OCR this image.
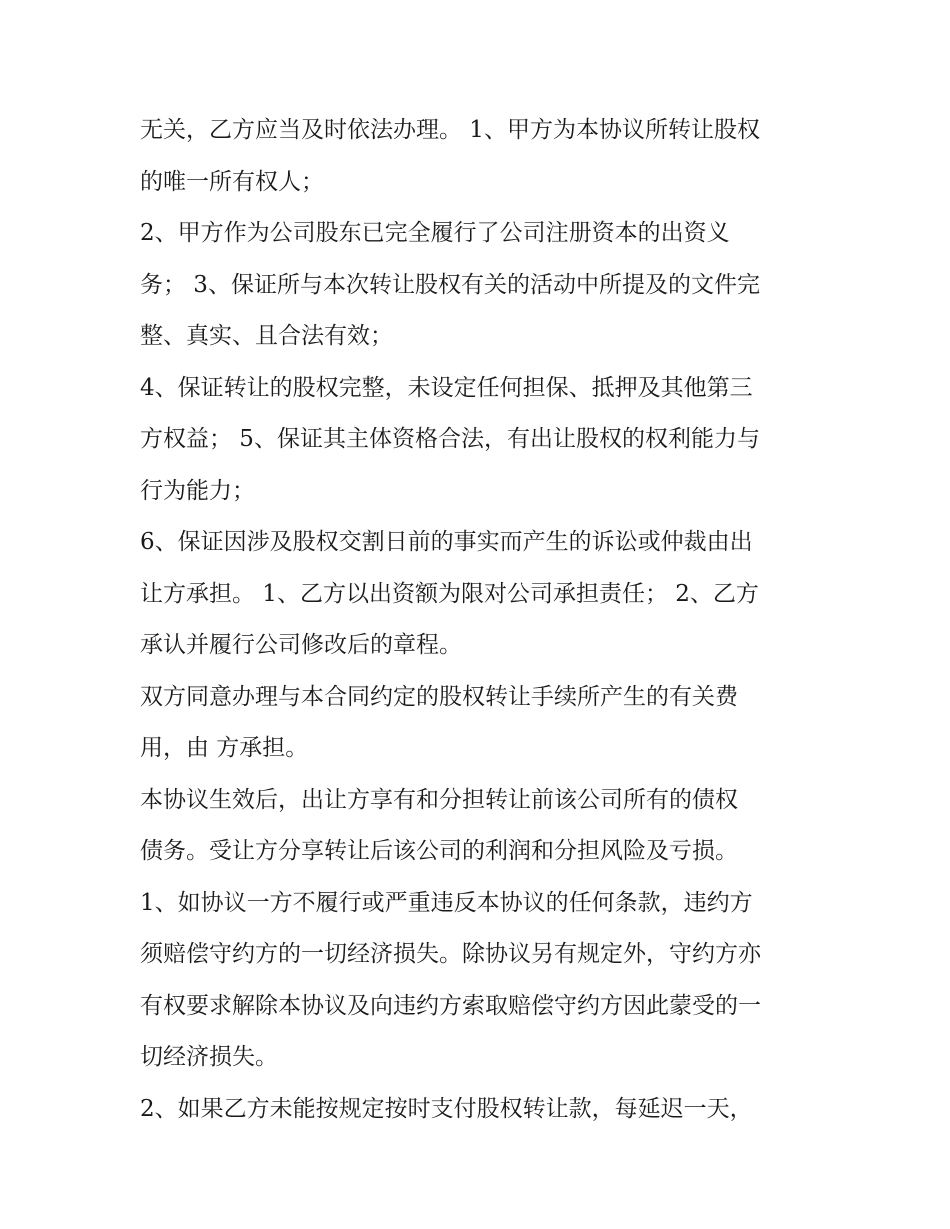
无关，乙方应当及时依法办理。 1、甲方为本协议所转让股权
的唯一所有权人；
2、甲方作为公司股东已完全履行了公司注册资本的出资义
务； 3、保证所与本次转让股权有关的活动中所提及的文件完
整、真实、且合法有效；
4、保证转让的股权完整，未设定任何担保、抵押及其他第三
方权益； 5、保证其主体资格合法，有出让股权的权利能力与
行为能力；
6、保证因涉及股权交割日前的事实而产生的诉讼或仲裁由出
让方承担。 1、乙方以出资额为限对公司承担责任； 2、乙方
承认并履行公司修改后的章程。
双方同意办理与本合同约定的股权转让手续所产生的有关费
用，由 方承担。
本协议生效后，出让方享有和分担转让前该公司所有的债权
债务。受让方分享转让后该公司的利润和分担风险及亏损。
1、如协议一方不履行或严重违反本协议的任何条款，违约方
须赔偿守约方的一切经济损失。除协议另有规定外，守约方亦
有权要求解除本协议及向违约方索取赔偿守约方因此蒙受的一
切经济损失。
2、如果乙方未能按规定按时支付股权转让款，每延迟一天，
